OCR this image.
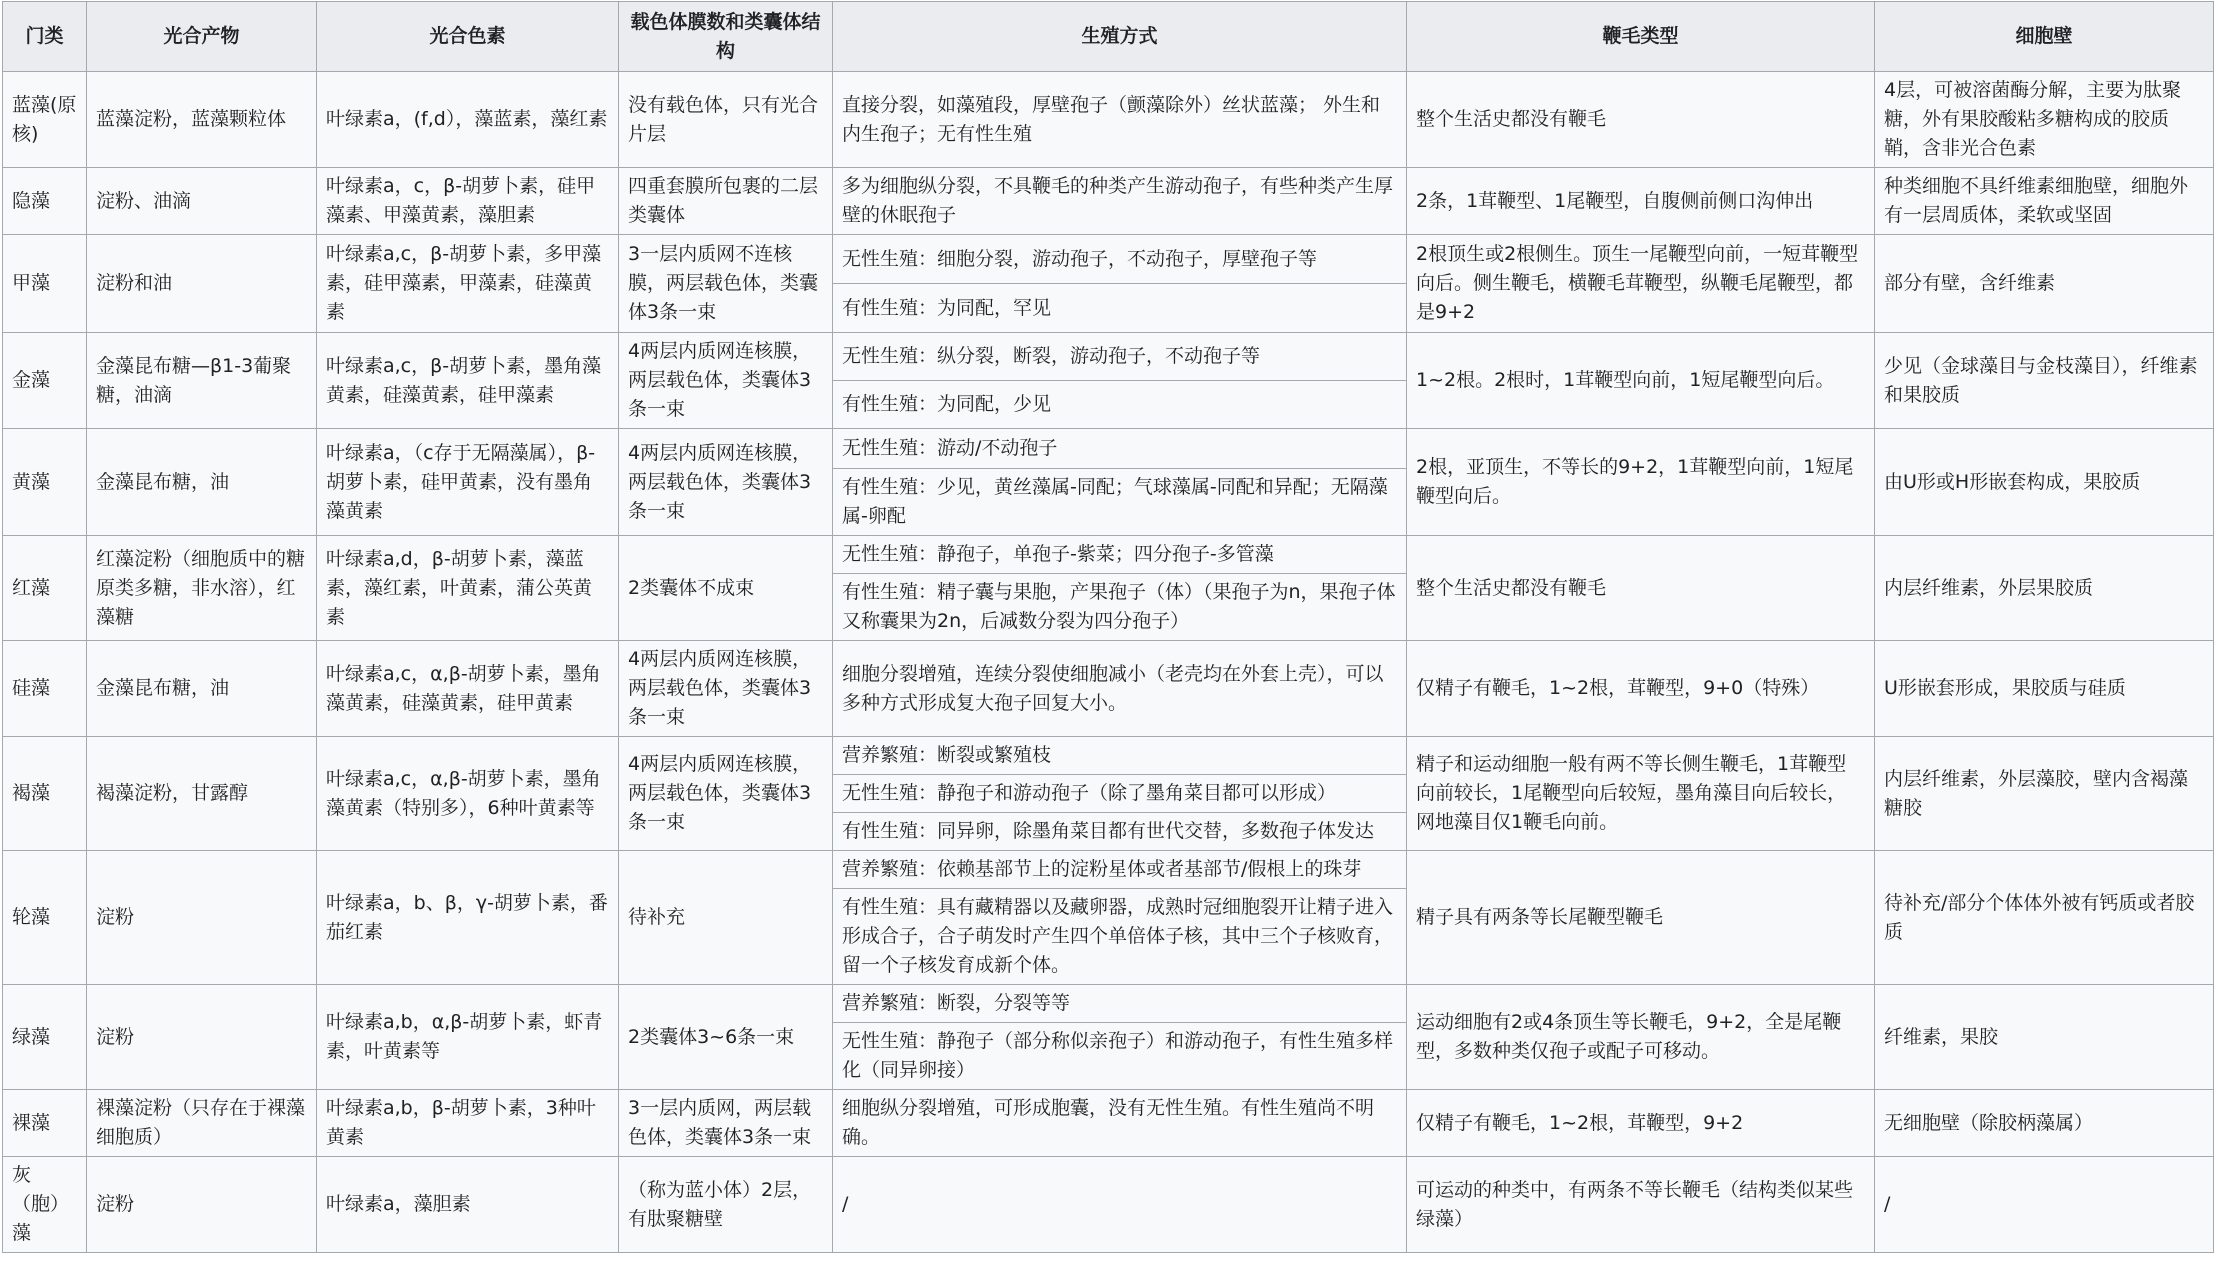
门类	光合产物	光合色素	载色体膜数和类囊体结构	生殖方式	鞭毛类型	细胞壁
蓝藻(原核)	蓝藻淀粉，蓝藻颗粒体	叶绿素a，(f,d），藻蓝素，藻红素	没有载色体，只有光合片层	直接分裂，如藻殖段，厚壁孢子（颤藻除外）丝状蓝藻； 外生和内生孢子；无有性生殖	整个生活史都没有鞭毛	4层，可被溶菌酶分解，主要为肽聚糖，外有果胶酸粘多糖构成的胶质鞘，含非光合色素
隐藻	淀粉、油滴	叶绿素a，c，β-胡萝卜素，硅甲藻素、甲藻黄素，藻胆素	四重套膜所包裹的二层类囊体	多为细胞纵分裂，不具鞭毛的种类产生游动孢子，有些种类产生厚壁的休眠孢子	2条，1茸鞭型、1尾鞭型，自腹侧前侧口沟伸出	种类细胞不具纤维素细胞壁，细胞外有一层周质体，柔软或坚固
甲藻	淀粉和油	叶绿素a,c，β-胡萝卜素，多甲藻素，硅甲藻素，甲藻素，硅藻黄素	3一层内质网不连核膜，两层载色体，类囊体3条一束	无性生殖：细胞分裂，游动孢子，不动孢子，厚壁孢子等	2根顶生或2根侧生。顶生一尾鞭型向前，一短茸鞭型向后。侧生鞭毛，横鞭毛茸鞭型，纵鞭毛尾鞭型，都是9+2	部分有壁，含纤维素
				有性生殖：为同配，罕见		
金藻	金藻昆布糖—β1-3葡聚糖，油滴	叶绿素a,c，β-胡萝卜素，墨角藻黄素，硅藻黄素，硅甲藻素	4两层内质网连核膜，两层载色体，类囊体3条一束	无性生殖：纵分裂，断裂，游动孢子，不动孢子等	1~2根。2根时，1茸鞭型向前，1短尾鞭型向后。	少见（金球藻目与金枝藻目），纤维素和果胶质
				有性生殖：为同配，少见		
黄藻	金藻昆布糖，油	叶绿素a，（c存于无隔藻属），β-胡萝卜素，硅甲黄素，没有墨角藻黄素	4两层内质网连核膜，两层载色体，类囊体3条一束	无性生殖：游动/不动孢子	2根，亚顶生，不等长的9+2，1茸鞭型向前，1短尾鞭型向后。	由U形或H形嵌套构成，果胶质
				有性生殖：少见，黄丝藻属-同配；气球藻属-同配和异配；无隔藻属-卵配		
红藻	红藻淀粉（细胞质中的糖原类多糖，非水溶），红藻糖	叶绿素a,d，β-胡萝卜素，藻蓝素，藻红素，叶黄素，蒲公英黄素	2类囊体不成束	无性生殖：静孢子，单孢子-紫菜；四分孢子-多管藻	整个生活史都没有鞭毛	内层纤维素，外层果胶质
				有性生殖：精子囊与果胞，产果孢子（体）（果孢子为n，果孢子体又称囊果为2n，后减数分裂为四分孢子）		
硅藻	金藻昆布糖，油	叶绿素a,c，α,β-胡萝卜素，墨角藻黄素，硅藻黄素，硅甲黄素	4两层内质网连核膜，两层载色体，类囊体3条一束	细胞分裂增殖，连续分裂使细胞减小（老壳均在外套上壳），可以多种方式形成复大孢子回复大小。	仅精子有鞭毛，1~2根，茸鞭型，9+0（特殊）	U形嵌套形成，果胶质与硅质
褐藻	褐藻淀粉，甘露醇	叶绿素a,c，α,β-胡萝卜素，墨角藻黄素（特别多），6种叶黄素等	4两层内质网连核膜，两层载色体，类囊体3条一束	营养繁殖：断裂或繁殖枝	精子和运动细胞一般有两不等长侧生鞭毛，1茸鞭型向前较长，1尾鞭型向后较短，墨角藻目向后较长，网地藻目仅1鞭毛向前。	内层纤维素，外层藻胶，壁内含褐藻糖胶
				无性生殖：静孢子和游动孢子（除了墨角菜目都可以形成）		
				有性生殖：同异卵，除墨角菜目都有世代交替，多数孢子体发达		
轮藻	淀粉	叶绿素a，b、β，γ-胡萝卜素，番茄红素	待补充	营养繁殖：依赖基部节上的淀粉星体或者基部节/假根上的珠芽	精子具有两条等长尾鞭型鞭毛	待补充/部分个体体外被有钙质或者胶质
				有性生殖：具有藏精器以及藏卵器，成熟时冠细胞裂开让精子进入形成合子，合子萌发时产生四个单倍体子核，其中三个子核败育，留一个子核发育成新个体。		
绿藻	淀粉	叶绿素a,b，α,β-胡萝卜素，虾青素，叶黄素等	2类囊体3~6条一束	营养繁殖：断裂，分裂等等	运动细胞有2或4条顶生等长鞭毛，9+2，全是尾鞭型，多数种类仅孢子或配子可移动。	纤维素，果胶
				无性生殖：静孢子（部分称似亲孢子）和游动孢子，有性生殖多样化（同异卵接）		
裸藻	裸藻淀粉（只存在于裸藻细胞质）	叶绿素a,b，β-胡萝卜素，3种叶黄素	3一层内质网，两层载色体，类囊体3条一束	细胞纵分裂增殖，可形成胞囊，没有无性生殖。有性生殖尚不明确。	仅精子有鞭毛，1~2根，茸鞭型，9+2	无细胞壁（除胶柄藻属）
灰（胞）藻	淀粉	叶绿素a，藻胆素	（称为蓝小体）2层，有肽聚糖壁	/	可运动的种类中，有两条不等长鞭毛（结构类似某些绿藻）	/
